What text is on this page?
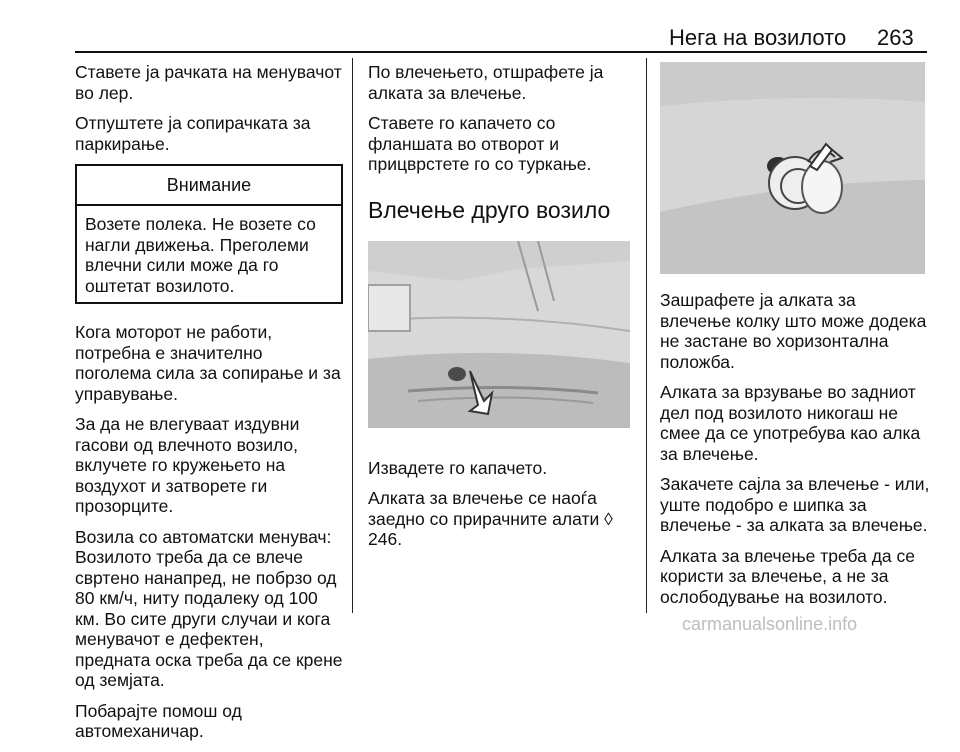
Нега на возилото 263

Ставете ја рачката на менувачот во лер.

Отпуштете ја сопирачката за паркирање.

Внимание
Возете полека. Не возете со нагли движења. Преголеми влечни сили може да го оштетат возилото.

Кога моторот не работи, потребна е значително поголема сила за сопирање и за управување.

За да не влегуваат издувни гасови од влечното возило, вклучете го кружењето на воздухот и затворете ги прозорците.

Возила со автоматски менувач: Возилото треба да се влече свртено нанапред, не побрзо од 80 км/ч, ниту подалеку од 100 км. Во сите други случаи и кога менувачот е дефектен, предната оска треба да се крене од земјата.

Побарајте помош од автомеханичар.

По влечењето, отшрафете ја алката за влечење.

Ставете го капачето со фланшата во отворот и прицврстете го со туркање.

Влечење друго возило

Извадете го капачето.

Алката за влечење се наоѓа заедно со прирачните алати ◊ 246.

Зашрафете ја алката за влечење колку што може додека не застане во хоризонтална положба.

Алката за врзување во задниот дел под возилото никогаш не смее да се употребува као алка за влечење.

Закачете сајла за влечење - или, уште подобро е шипка за влечење - за алката за влечење.

Алката за влечење треба да се користи за влечење, а не за ослободување на возилото.

carmanualsonline.info
